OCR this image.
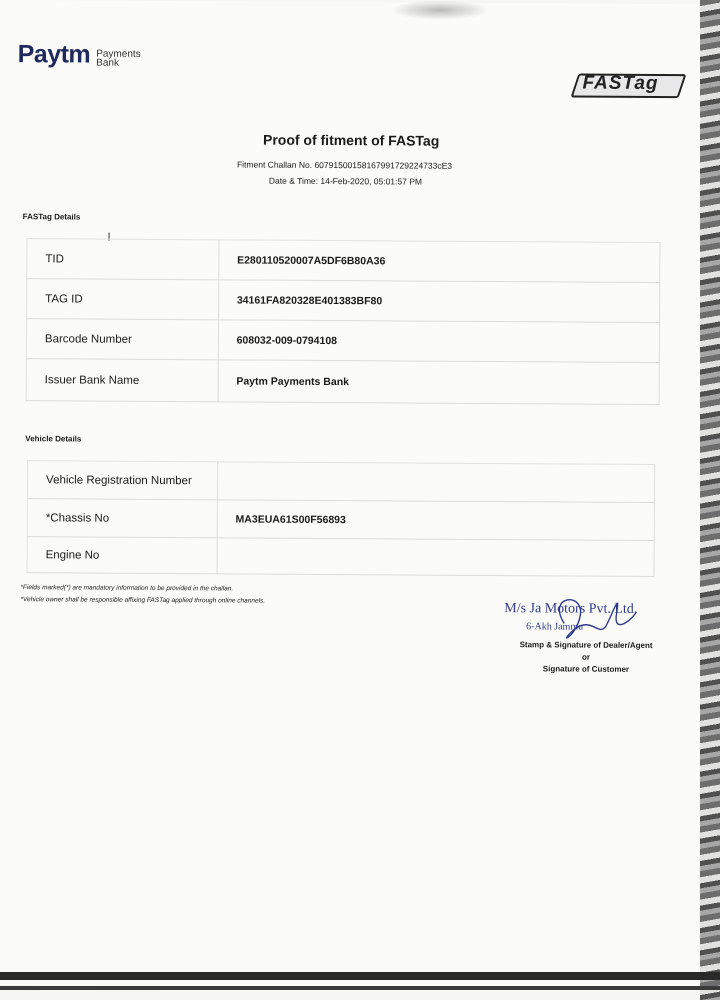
Paytm Payments Bank
FASTag
Proof of fitment of FASTag
Fitment Challan No. 6079150015816799172922473​3cE3
Date & Time: 14-Feb-2020, 05:01:57 PM
FASTag Details
TID	E280110520007A5DF6B80A36
TAG ID	34161FA820328E401383BF80
Barcode Number	608032-009-0794108
Issuer Bank Name	Paytm Payments Bank
Vehicle Details
Vehicle Registration Number	
*Chassis No	MA3EUA61S00F56893
Engine No	
*Fields marked(*) are mandatory information to be provided in the challan.
*Vehicle owner shall be responsible affixing FASTag applied through online channels.
M/s Ja Motors Pvt. Ltd.
6-Akh Jammu
Stamp & Signature of Dealer/Agent
or
Signature of Customer
